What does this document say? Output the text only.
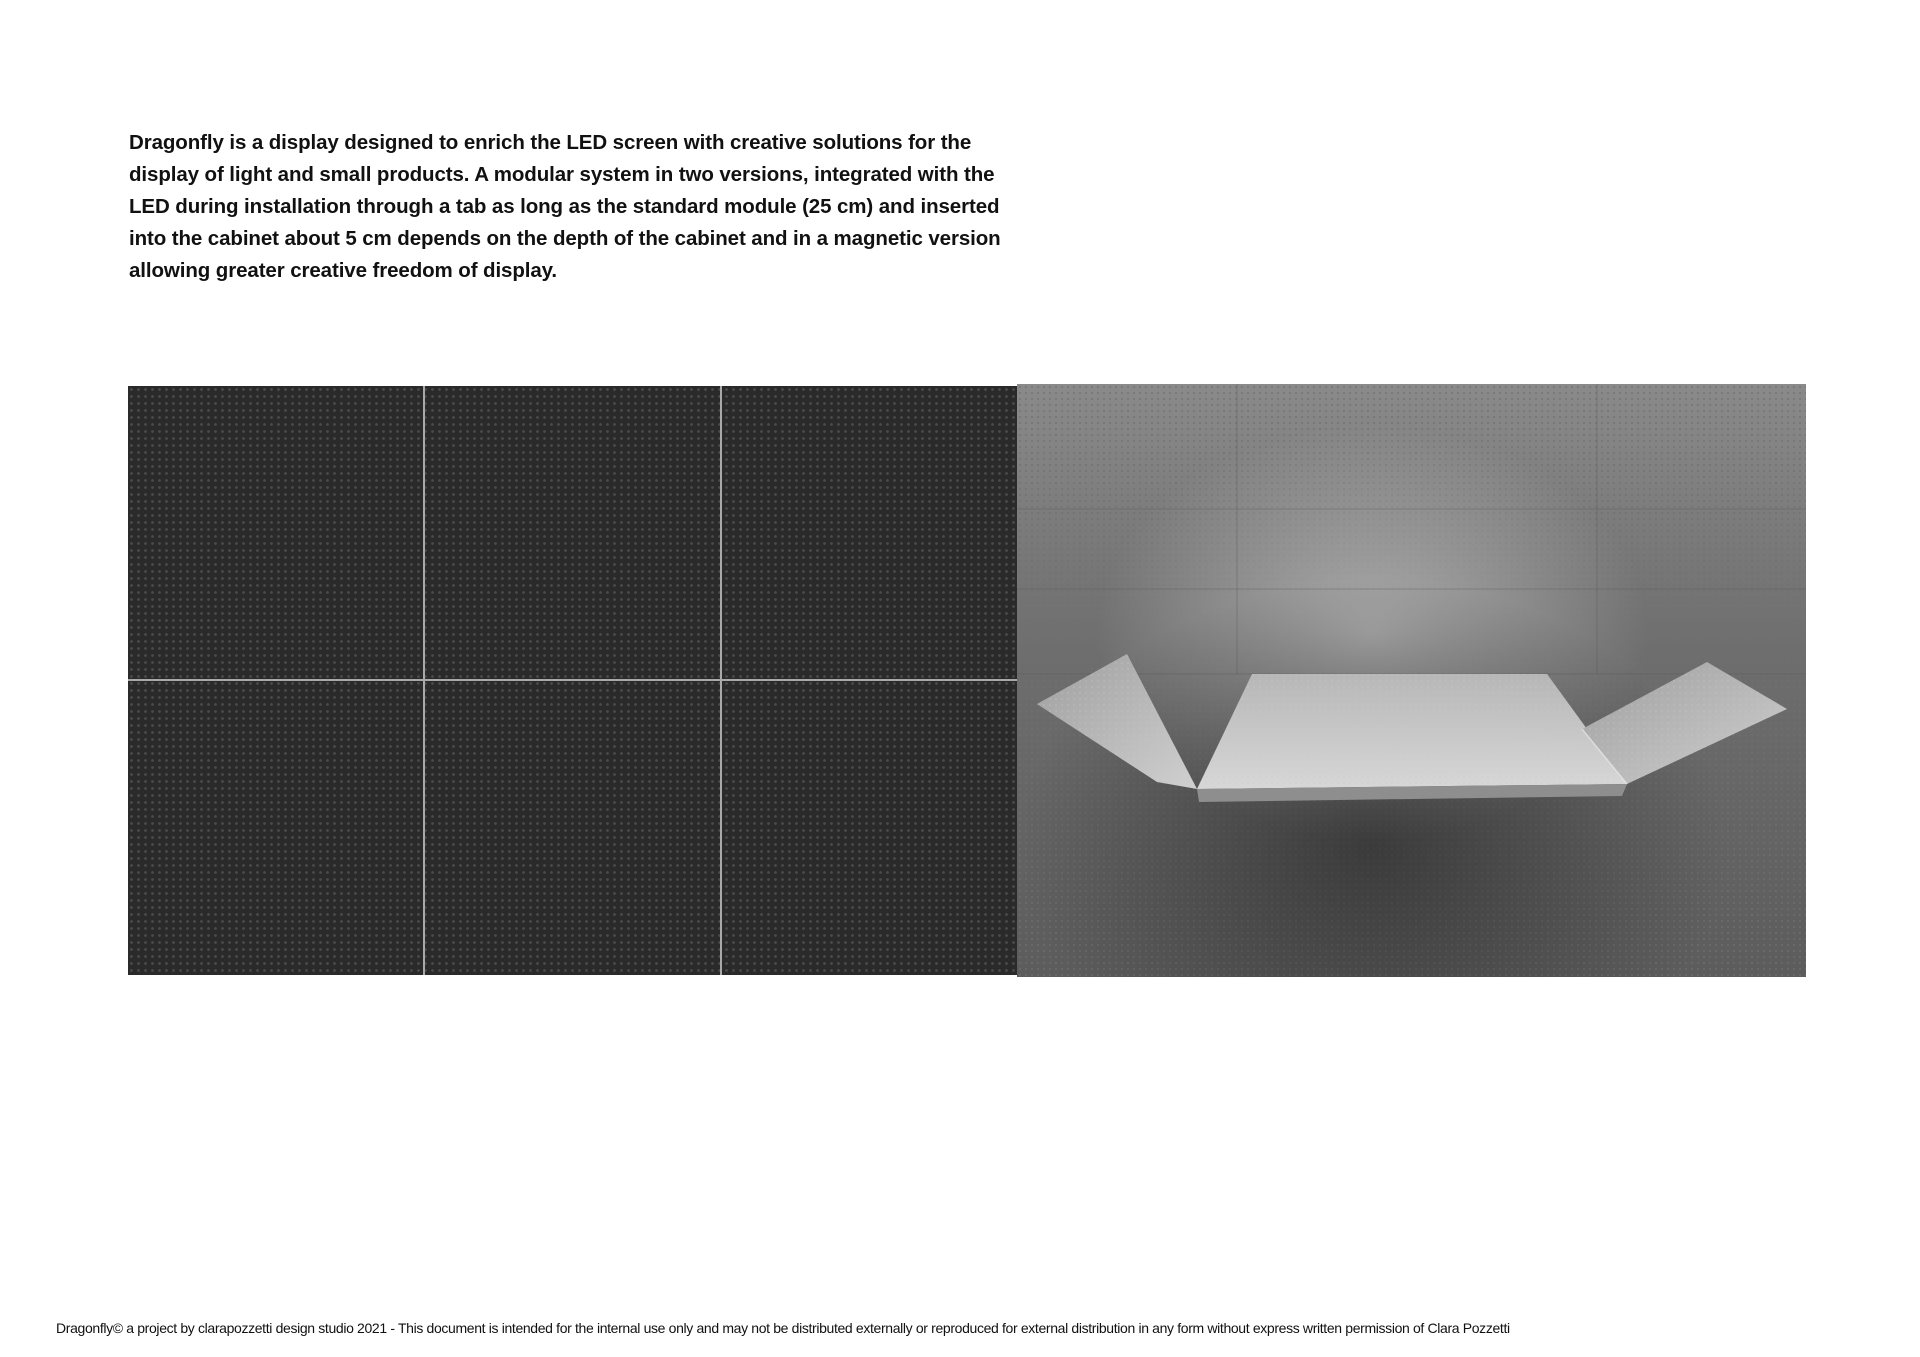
Dragonfly is a display designed to enrich the LED screen with creative solutions for the display of light and small products. A modular system in two versions, integrated with the LED during installation through a tab as long as the standard module (25 cm) and inserted into the cabinet about 5 cm depends on the depth of the cabinet and in a magnetic version allowing greater creative freedom of display.

Dragonfly© a project by clarapozzetti design studio 2021 - This document is intended for the internal use only and may not be distributed externally or reproduced for external distribution in any form without express written permission of Clara Pozzetti
